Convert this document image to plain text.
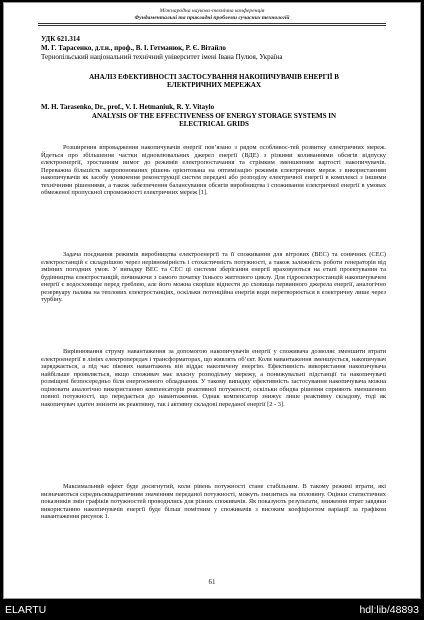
Міжнародна науково-технічна конференція
Фундаментальні та прикладні проблеми сучасних технологій
УДК 621.314
М. Г. Тарасенко, д.т.н., проф., В. І. Гетманюк, Р. Є. Вітайло
Тернопільський національний технічний університет імені Івана Пулюя, Україна
АНАЛІЗ ЕФЕКТИВНОСТІ ЗАСТОСУВАННЯ НАКОПИЧУВАЧІВ ЕНЕРГІЇ В ЕЛЕКТРИЧНИХ МЕРЕЖАХ
M. H. Tarasenko, Dr., prof., V. I. Hetmaniuk, R. Y. Vitaylo
ANALYSIS OF THE EFFECTIVENESS OF ENERGY STORAGE SYSTEMS IN ELECTRICAL GRIDS
Розширення впровадження накопичувачів енергії пов’язано з рядом особливос-тей розвитку електричних мереж. Йдеться про збільшення частки відновлювальних джерел енергії (ВДЕ) з різкими коливаннями обсягів відпуску електроенергії, зростанням вимог до режимів електропостачання та стрімким зменшенням вартості накопичувачів. Переважна більшість запропонованих рішень орієнтована на оптимізацію режимів електричних мереж з використанням накопичувачів як засобу уникнення реконструкції систем передачі або розподілу електричної енергії в комплексі з іншими технічними рішеннями, а також забезпечення балансування обсягів виробництва і споживання електричної енергії в умовах обмеженої пропускної спроможності електричних мереж [1].
Задача поєднання режимів виробництва електроенергії та її споживання для вітрових (ВЕС) та сонячних (СЕС) електростанцій є складнішою через нерівномірність і стохастичність потужності, а також залежність роботи генераторів від змінних погодних умов. У випадку ВЕС та СЕС ці системи зберігання енергії враховуються на етапі проектування та будівництва електростанцій, починаючи з самого початку їхнього життєвого циклу. Для гідроелектростанцій накопичувачем енергії є водосховище перед греблею, але його можна скоріше віднести до сховища первинного джерела енергії, аналогічно резервуару палива на теплових електростанціях, оскільки потенційна енергія води перетворюється в електричну лише через турбіну.
Вирівнювання струму навантаження за допомогою накопичувачів енергії у споживача дозволяє зменшити втрати електроенергії в лініях електропередач і трансформаторах, що живлять об’єкт. Коли навантаження зменшується, накопичувач заряджається, а під час пікових навантажень він віддає накопичену енергію. Ефективність використання накопичувача найбільше проявляється, якщо споживач має власну розподільчу мережу, а понижувальні підстанції та накопичувачі розміщені безпосередньо біля енергоємного обладнання. У такому випадку ефективність застосування накопичувача можна оцінювати аналогічно використанню компенсаторів реактивної потужності, оскільки обидва рішення сприяють зменшенню повної потужності, що передається до навантаження. Однак компенсатор знижує лише реактивну складову, тоді як накопичувач здатен знизити як реактивну, так і активну складові переданої енергії [2 - 3].
Максимальний ефект буде досягнутий, коли рівень потужності стане стабільним. В такому режимі втрати, які визначаються середньоквадратичним значенням переданої потужності, можуть знизитись на половину. Оцінки статистичних показників змін графіків потужностей проводились для різних споживачів. Як показують результати, зниження втрат завдяки використанню накопичувачів енергії буде більш помітним у споживачів з високим коефіцієнтом варіації за графіком навантаження рисунок 1.
61
ELARTU	hdl:lib/48893
